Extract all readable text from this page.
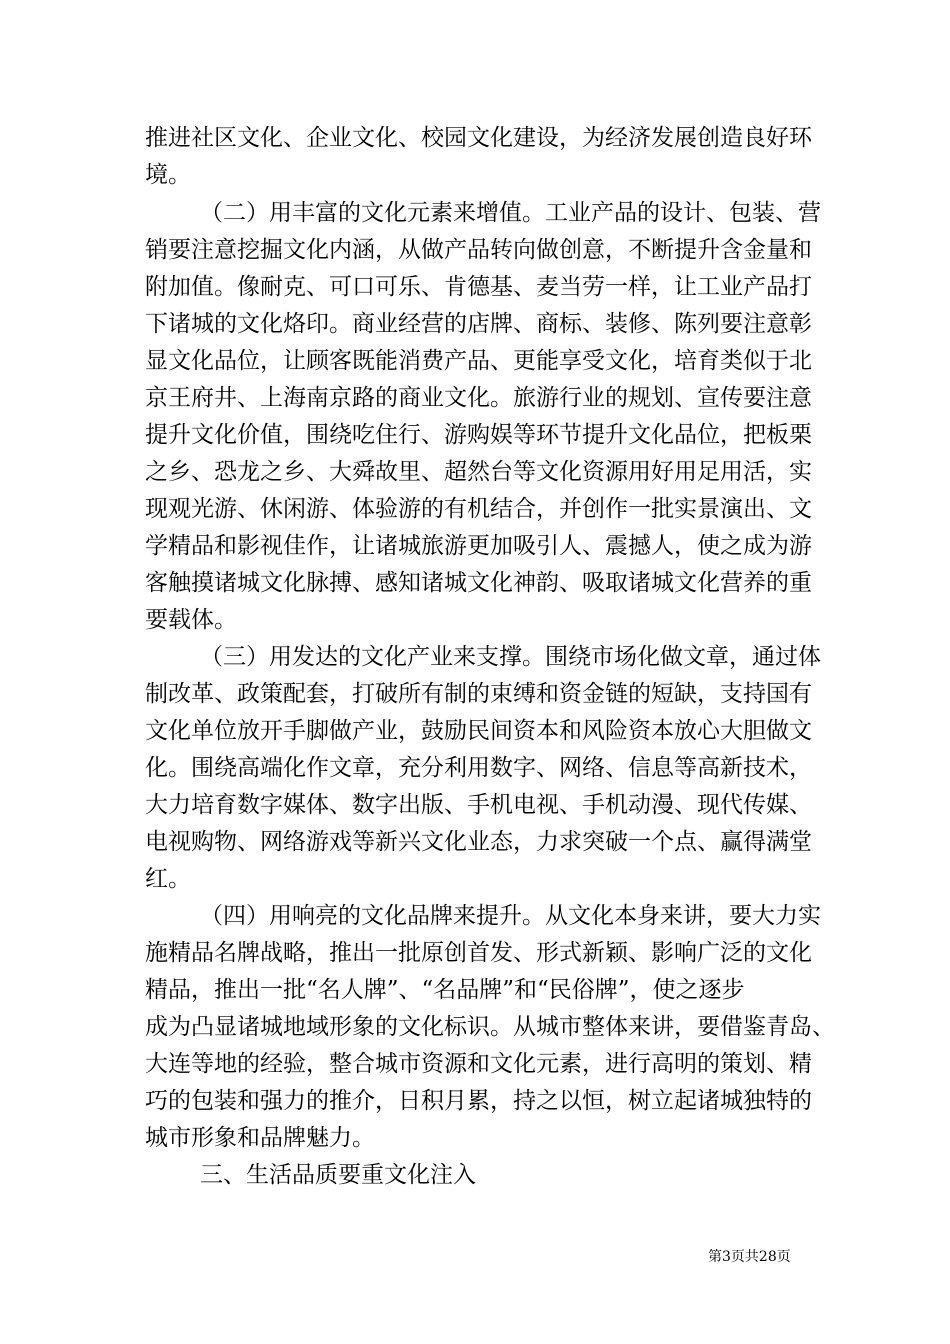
推进社区文化、企业文化、校园文化建设，为经济发展创造良好环

境。

（二）用丰富的文化元素来增值。工业产品的设计、包装、营

销要注意挖掘文化内涵，从做产品转向做创意，不断提升含金量和

附加值。像耐克、可口可乐、肯德基、麦当劳一样，让工业产品打

下诸城的文化烙印。商业经营的店牌、商标、装修、陈列要注意彰

显文化品位，让顾客既能消费产品、更能享受文化，培育类似于北

京王府井、上海南京路的商业文化。旅游行业的规划、宣传要注意

提升文化价值，围绕吃住行、游购娱等环节提升文化品位，把板栗

之乡、恐龙之乡、大舜故里、超然台等文化资源用好用足用活，实

现观光游、休闲游、体验游的有机结合，并创作一批实景演出、文

学精品和影视佳作，让诸城旅游更加吸引人、震撼人，使之成为游

客触摸诸城文化脉搏、感知诸城文化神韵、吸取诸城文化营养的重

要载体。

（三）用发达的文化产业来支撑。围绕市场化做文章，通过体

制改革、政策配套，打破所有制的束缚和资金链的短缺，支持国有

文化单位放开手脚做产业，鼓励民间资本和风险资本放心大胆做文

化。围绕高端化作文章，充分利用数字、网络、信息等高新技术，

大力培育数字媒体、数字出版、手机电视、手机动漫、现代传媒、

电视购物、网络游戏等新兴文化业态，力求突破一个点、赢得满堂

红。

（四）用响亮的文化品牌来提升。从文化本身来讲，要大力实

施精品名牌战略，推出一批原创首发、形式新颖、影响广泛的文化

精品，推出一批“名人牌”、“名品牌”和“民俗牌”，使之逐步

成为凸显诸城地域形象的文化标识。从城市整体来讲，要借鉴青岛、

大连等地的经验，整合城市资源和文化元素，进行高明的策划、精

巧的包装和强力的推介，日积月累，持之以恒，树立起诸城独特的

城市形象和品牌魅力。

三、生活品质要重文化注入

第3页共28页
